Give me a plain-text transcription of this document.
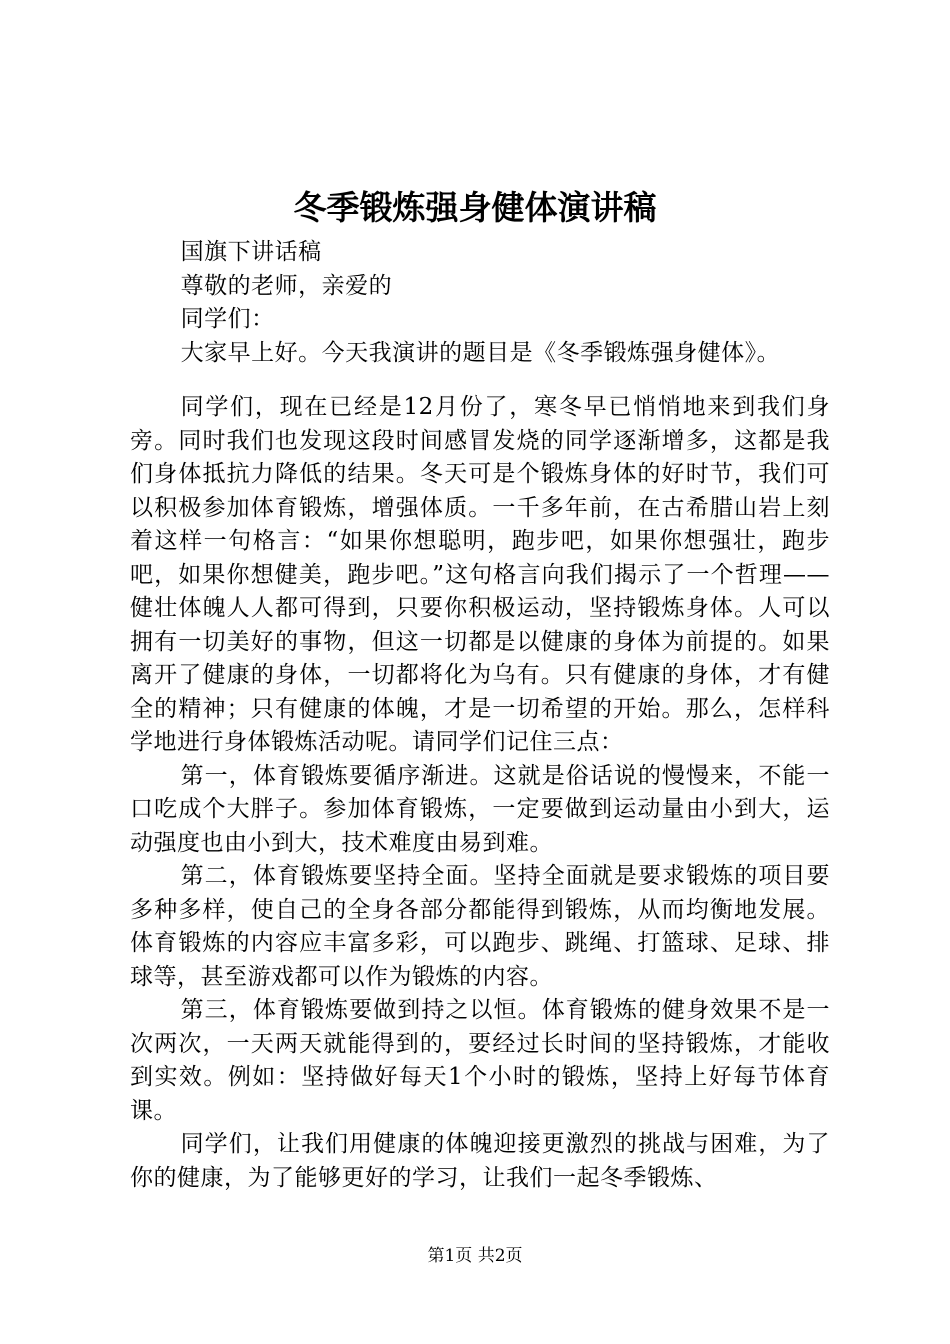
冬季锻炼强身健体演讲稿

国旗下讲话稿

尊敬的老师，亲爱的

同学们：

大家早上好。今天我演讲的题目是《冬季锻炼强身健体》。

同学们，现在已经是12月份了，寒冬早已悄悄地来到我们身旁。同时我们也发现这段时间感冒发烧的同学逐渐增多，这都是我们身体抵抗力降低的结果。冬天可是个锻炼身体的好时节，我们可以积极参加体育锻炼，增强体质。一千多年前，在古希腊山岩上刻着这样一句格言：“如果你想聪明，跑步吧，如果你想强壮，跑步吧，如果你想健美，跑步吧。”这句格言向我们揭示了一个哲理——健壮体魄人人都可得到，只要你积极运动，坚持锻炼身体。人可以拥有一切美好的事物，但这一切都是以健康的身体为前提的。如果离开了健康的身体，一切都将化为乌有。只有健康的身体，才有健全的精神；只有健康的体魄，才是一切希望的开始。那么，怎样科学地进行身体锻炼活动呢。请同学们记住三点：

第一，体育锻炼要循序渐进。这就是俗话说的慢慢来，不能一口吃成个大胖子。参加体育锻炼，一定要做到运动量由小到大，运动强度也由小到大，技术难度由易到难。

第二，体育锻炼要坚持全面。坚持全面就是要求锻炼的项目要多种多样，使自己的全身各部分都能得到锻炼，从而均衡地发展。体育锻炼的内容应丰富多彩，可以跑步、跳绳、打篮球、足球、排球等，甚至游戏都可以作为锻炼的内容。

第三，体育锻炼要做到持之以恒。体育锻炼的健身效果不是一次两次，一天两天就能得到的，要经过长时间的坚持锻炼，才能收到实效。例如：坚持做好每天1个小时的锻炼，坚持上好每节体育课。

同学们，让我们用健康的体魄迎接更激烈的挑战与困难，为了你的健康，为了能够更好的学习，让我们一起冬季锻炼、

第1页 共2页
